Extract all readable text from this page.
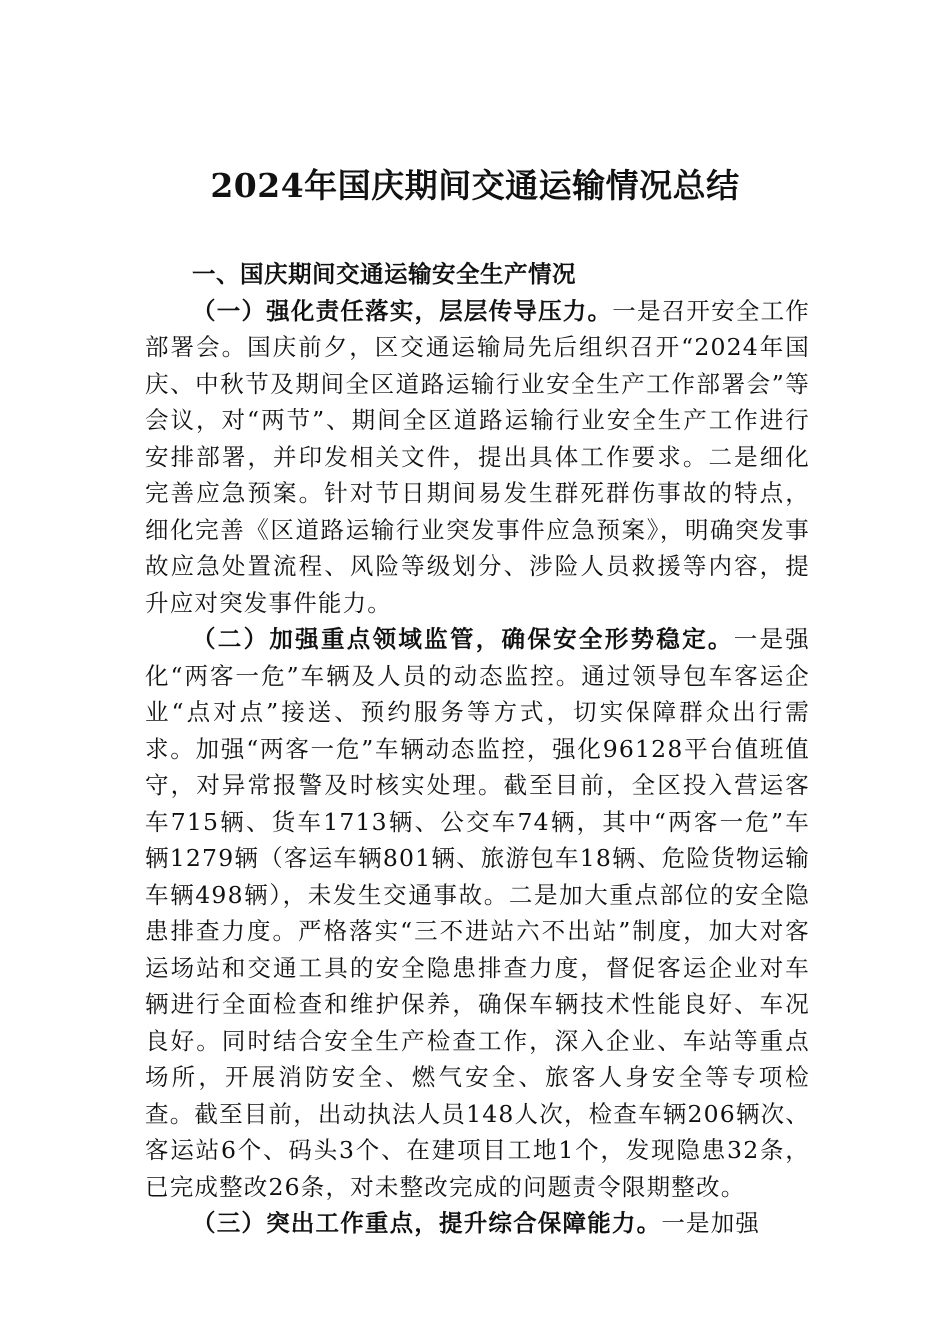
2024年国庆期间交通运输情况总结

一、国庆期间交通运输安全生产情况

（一）强化责任落实，层层传导压力。一是召开安全工作部署会。国庆前夕，区交通运输局先后组织召开“2024年国庆、中秋节及期间全区道路运输行业安全生产工作部署会”等会议，对“两节”、期间全区道路运输行业安全生产工作进行安排部署，并印发相关文件，提出具体工作要求。二是细化完善应急预案。针对节日期间易发生群死群伤事故的特点，细化完善《区道路运输行业突发事件应急预案》，明确突发事故应急处置流程、风险等级划分、涉险人员救援等内容，提升应对突发事件能力。

（二）加强重点领域监管，确保安全形势稳定。一是强化“两客一危”车辆及人员的动态监控。通过领导包车客运企业“点对点”接送、预约服务等方式，切实保障群众出行需求。加强“两客一危”车辆动态监控，强化96128平台值班值守，对异常报警及时核实处理。截至目前，全区投入营运客车715辆、货车1713辆、公交车74辆，其中“两客一危”车辆1279辆（客运车辆801辆、旅游包车18辆、危险货物运输车辆498辆），未发生交通事故。二是加大重点部位的安全隐患排查力度。严格落实“三不进站六不出站”制度，加大对客运场站和交通工具的安全隐患排查力度，督促客运企业对车辆进行全面检查和维护保养，确保车辆技术性能良好、车况良好。同时结合安全生产检查工作，深入企业、车站等重点场所，开展消防安全、燃气安全、旅客人身安全等专项检查。截至目前，出动执法人员148人次，检查车辆206辆次、客运站6个、码头3个、在建项目工地1个，发现隐患32条，已完成整改26条，对未整改完成的问题责令限期整改。

（三）突出工作重点，提升综合保障能力。一是加强
